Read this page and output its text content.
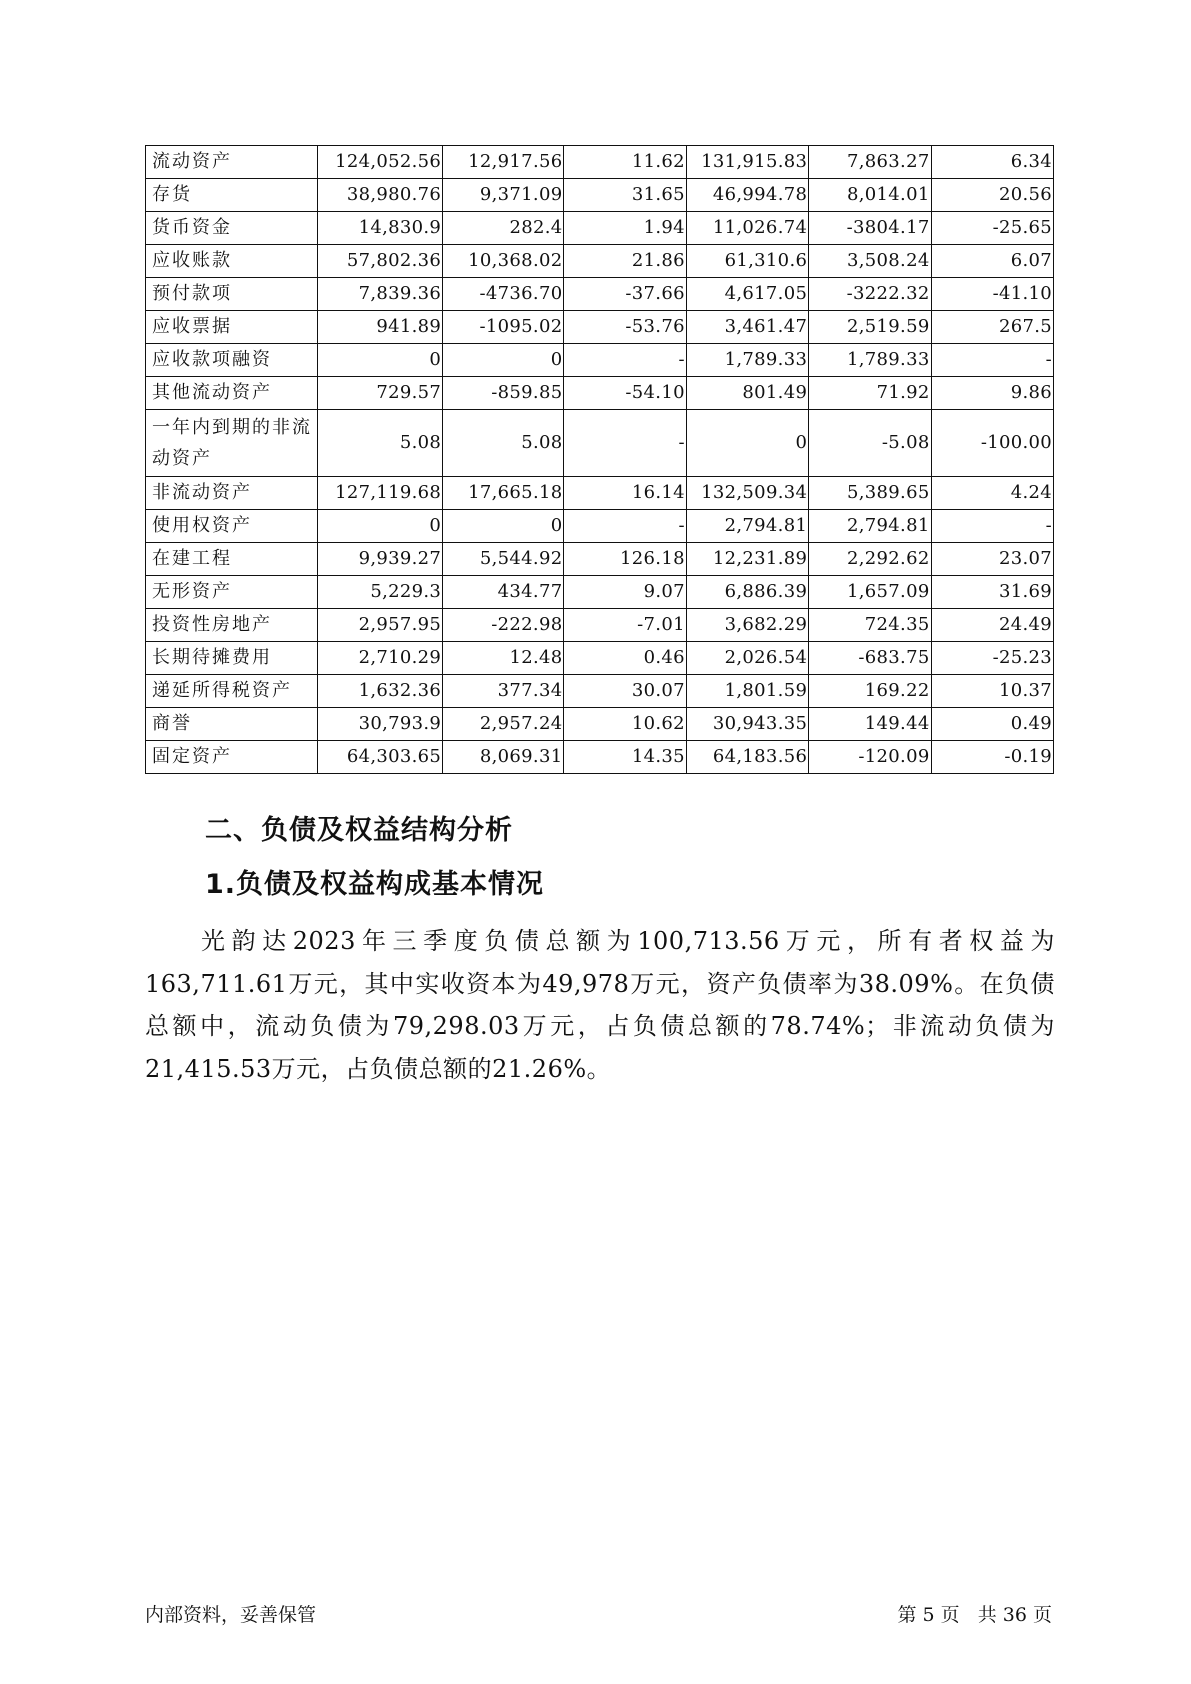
流动资产	124,052.56	12,917.56	11.62	131,915.83	7,863.27	6.34
存货	38,980.76	9,371.09	31.65	46,994.78	8,014.01	20.56
货币资金	14,830.9	282.4	1.94	11,026.74	-3804.17	-25.65
应收账款	57,802.36	10,368.02	21.86	61,310.6	3,508.24	6.07
预付款项	7,839.36	-4736.70	-37.66	4,617.05	-3222.32	-41.10
应收票据	941.89	-1095.02	-53.76	3,461.47	2,519.59	267.5
应收款项融资	0	0	-	1,789.33	1,789.33	-
其他流动资产	729.57	-859.85	-54.10	801.49	71.92	9.86
一年内到期的非流动资产	5.08	5.08	-	0	-5.08	-100.00
非流动资产	127,119.68	17,665.18	16.14	132,509.34	5,389.65	4.24
使用权资产	0	0	-	2,794.81	2,794.81	-
在建工程	9,939.27	5,544.92	126.18	12,231.89	2,292.62	23.07
无形资产	5,229.3	434.77	9.07	6,886.39	1,657.09	31.69
投资性房地产	2,957.95	-222.98	-7.01	3,682.29	724.35	24.49
长期待摊费用	2,710.29	12.48	0.46	2,026.54	-683.75	-25.23
递延所得税资产	1,632.36	377.34	30.07	1,801.59	169.22	10.37
商誉	30,793.9	2,957.24	10.62	30,943.35	149.44	0.49
固定资产	64,303.65	8,069.31	14.35	64,183.56	-120.09	-0.19
二、负债及权益结构分析
1.负债及权益构成基本情况

光韵达2023年三季度负债总额为100,713.56万元，所有者权益为163,711.61万元，其中实收资本为49,978万元，资产负债率为38.09%。在负债总额中，流动负债为79,298.03万元，占负债总额的78.74%；非流动负债为21,415.53万元，占负债总额的21.26%。

内部资料，妥善保管	第 5 页   共 36 页
